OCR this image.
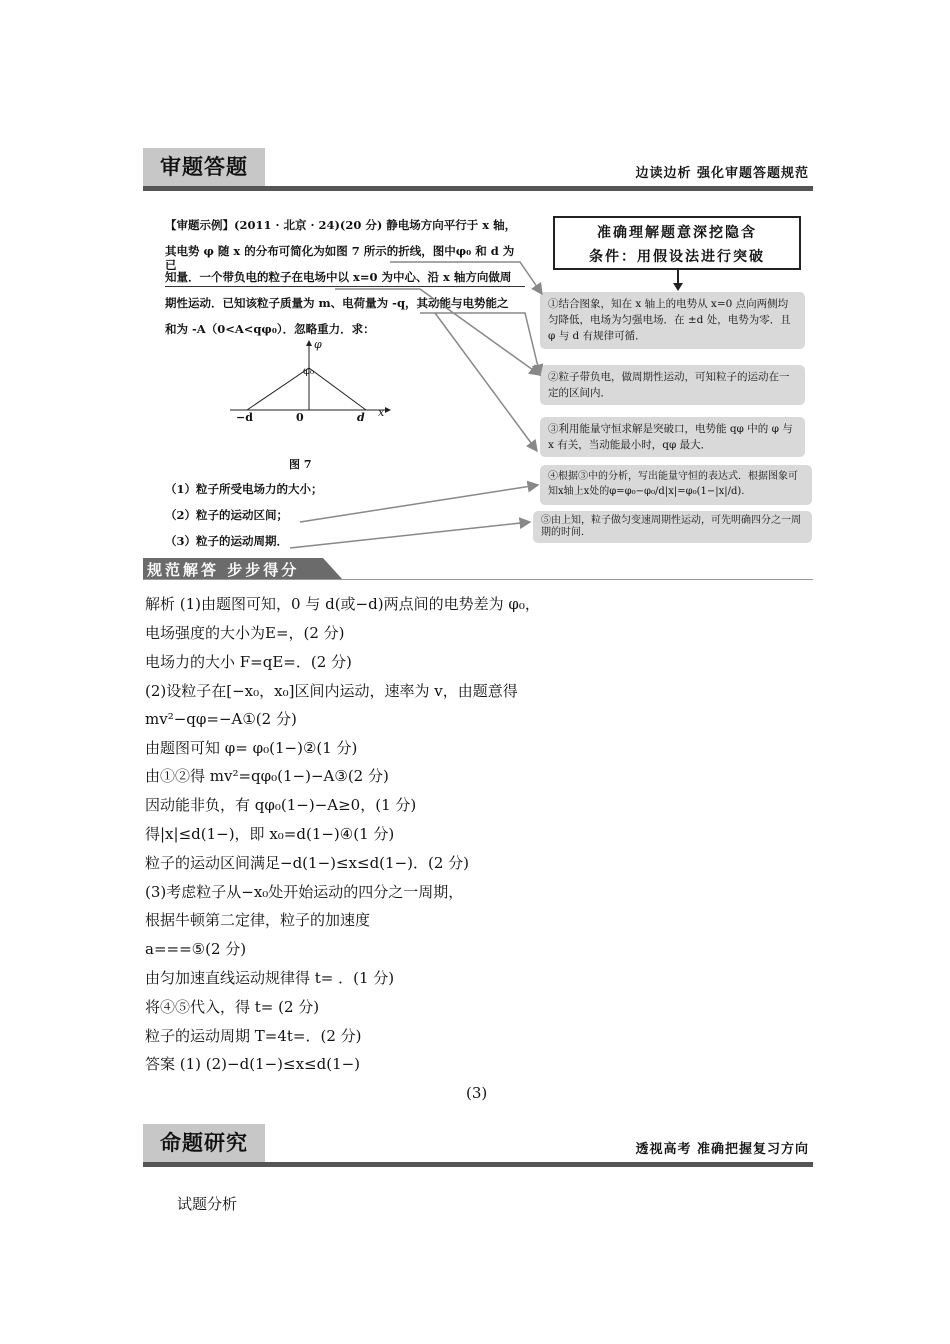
审题答题	边读边析 强化审题答题规范
【审题示例】(2011 · 北京 · 24)(20 分) 静电场方向平行于 x 轴，
其电势 φ 随 x 的分布可简化为如图 7 所示的折线，图中φ₀ 和 d 为已
知量．一个带负电的粒子在电场中以 x=0 为中心、沿 x 轴方向做周
期性运动．已知该粒子质量为 m、电荷量为 -q，其动能与电势能之
和为 -A（0<A<qφ₀）．忽略重力．求：
φ
x
φ₀
−d	0	d
图 7
（1）粒子所受电场力的大小；
（2）粒子的运动区间；
（3）粒子的运动周期．
准确理解题意深挖隐含
条件：用假设法进行突破
①结合图象，知在 x 轴上的电势从 x=0 点向两侧均匀降低，电场为匀强电场．在 ±d 处，电势为零．且φ 与 d 有规律可循．
②粒子带负电，做周期性运动，可知粒子的运动在一定的区间内．
③利用能量守恒求解是突破口，电势能 qφ 中的 φ 与 x 有关，当动能最小时，qφ 最大．
④根据③中的分析，写出能量守恒的表达式．根据图象可知x轴上x处的φ=φ₀−φ₀/d|x|=φ₀(1−|x|/d).
⑤由上知，粒子做匀变速周期性运动，可先明确四分之一周期的时间．
规范解答 步步得分
解析 (1)由题图可知，0 与 d(或−d)两点间的电势差为 φ₀，
电场强度的大小为E=，(2 分)
电场力的大小 F=qE=．(2 分)
(2)设粒子在[−x₀，x₀]区间内运动，速率为 v，由题意得
mv²−qφ=−A①(2 分)
由题图可知 φ= φ₀(1−)②(1 分)
由①②得 mv²=qφ₀(1−)−A③(2 分)
因动能非负，有 qφ₀(1−)−A≥0，(1 分)
得|x|≤d(1−)，即 x₀=d(1−)④(1 分)
粒子的运动区间满足−d(1−)≤x≤d(1−)．(2 分)
(3)考虑粒子从−x₀处开始运动的四分之一周期，
根据牛顿第二定律，粒子的加速度
a===⑤(2 分)
由匀加速直线运动规律得 t= ．(1 分)
将④⑤代入，得 t= (2 分)
粒子的运动周期 T=4t=．(2 分)
答案 (1) (2)−d(1−)≤x≤d(1−)
(3)
命题研究	透视高考 准确把握复习方向
试题分析
